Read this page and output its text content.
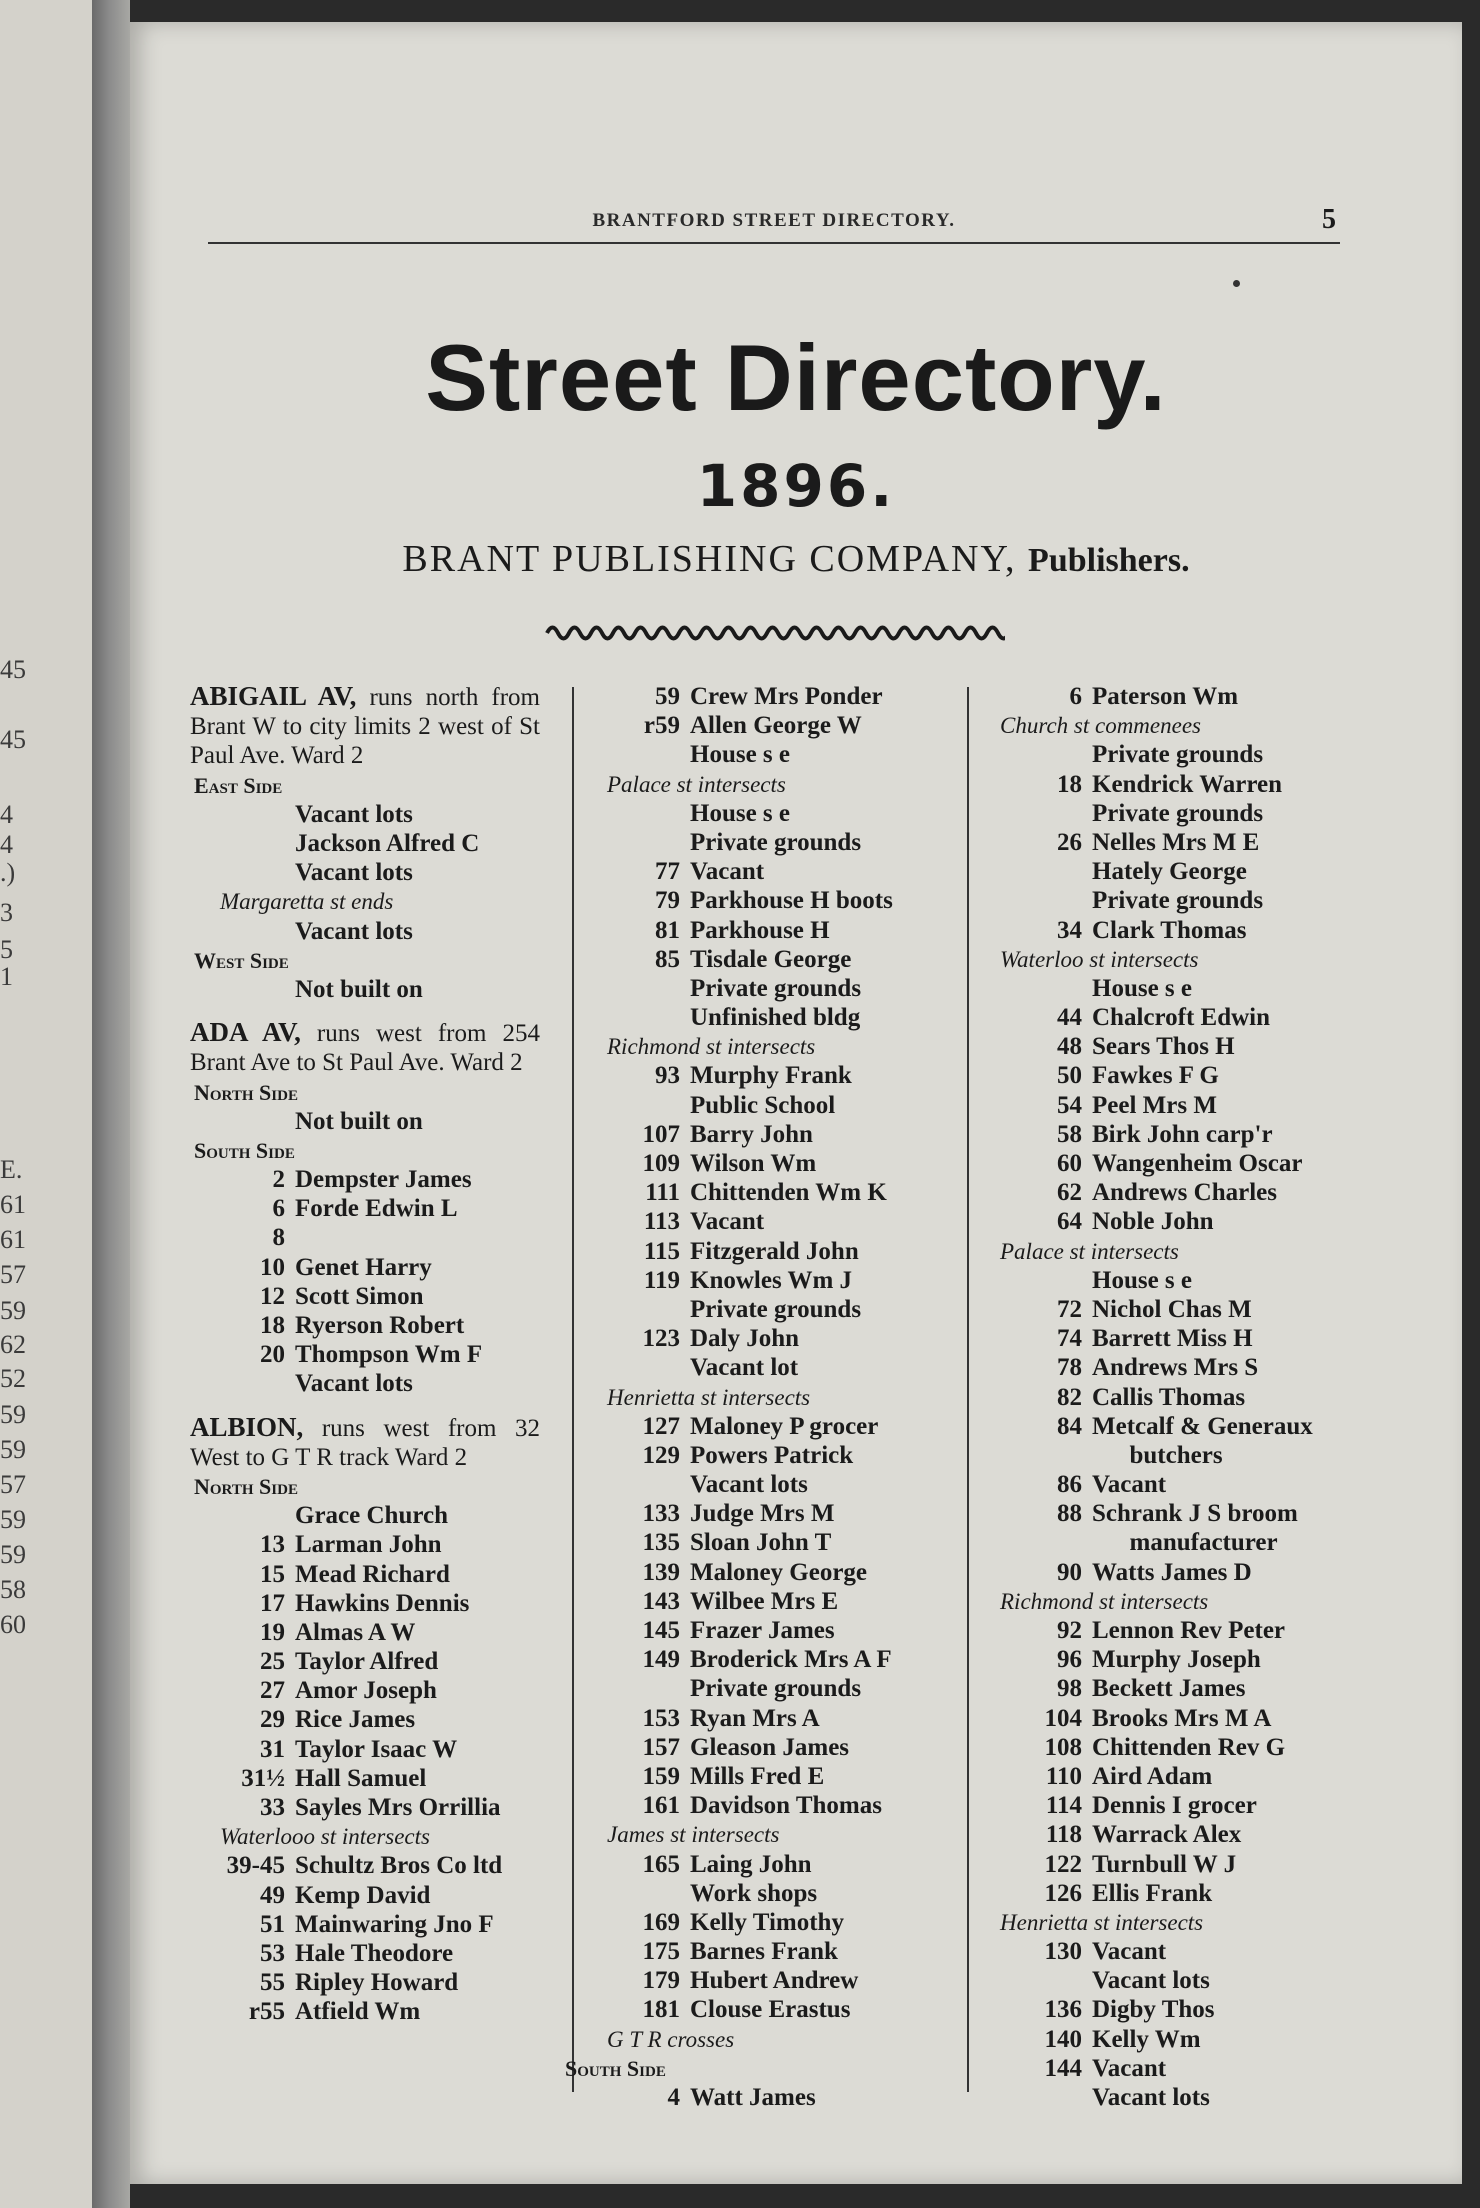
45
45
4
4
.)
3
5
1
E.
61
61
57
59
62
52
59
59
57
59
59
58
60
BRANTFORD STREET DIRECTORY.	5
Street Directory.
1896.
BRANT PUBLISHING COMPANY, Publishers.
ABIGAIL AV, runs north from Brant W to city limits 2 west of St Paul Ave. Ward 2
East Side
Vacant lots
Jackson Alfred C
Vacant lots
Margaretta st ends
Vacant lots
West Side
Not built on
ADA AV, runs west from 254 Brant Ave to St Paul Ave. Ward 2
North Side
Not built on
South Side
2 Dempster James
6 Forde Edwin L
8
10 Genet Harry
12 Scott Simon
18 Ryerson Robert
20 Thompson Wm F
Vacant lots
ALBION, runs west from 32 West to G T R track Ward 2
North Side
Grace Church
13 Larman John
15 Mead Richard
17 Hawkins Dennis
19 Almas A W
25 Taylor Alfred
27 Amor Joseph
29 Rice James
31 Taylor Isaac W
31½ Hall Samuel
33 Sayles Mrs Orrillia
Waterlooo st intersects
39-45 Schultz Bros Co ltd
49 Kemp David
51 Mainwaring Jno F
53 Hale Theodore
55 Ripley Howard
r55 Atfield Wm
59 Crew Mrs Ponder
r59 Allen George W
House s e
Palace st intersects
House s e
Private grounds
77 Vacant
79 Parkhouse H boots
81 Parkhouse H
85 Tisdale George
Private grounds
Unfinished bldg
Richmond st intersects
93 Murphy Frank
Public School
107 Barry John
109 Wilson Wm
111 Chittenden Wm K
113 Vacant
115 Fitzgerald John
119 Knowles Wm J
Private grounds
123 Daly John
Vacant lot
Henrietta st intersects
127 Maloney P grocer
129 Powers Patrick
Vacant lots
133 Judge Mrs M
135 Sloan John T
139 Maloney George
143 Wilbee Mrs E
145 Frazer James
149 Broderick Mrs A F
Private grounds
153 Ryan Mrs A
157 Gleason James
159 Mills Fred E
161 Davidson Thomas
James st intersects
165 Laing John
Work shops
169 Kelly Timothy
175 Barnes Frank
179 Hubert Andrew
181 Clouse Erastus
G T R crosses
South Side
4 Watt James
6 Paterson Wm
Church st commenees
Private grounds
18 Kendrick Warren
Private grounds
26 Nelles Mrs M E
Hately George
Private grounds
34 Clark Thomas
Waterloo st intersects
House s e
44 Chalcroft Edwin
48 Sears Thos H
50 Fawkes F G
54 Peel Mrs M
58 Birk John carp'r
60 Wangenheim Oscar
62 Andrews Charles
64 Noble John
Palace st intersects
House s e
72 Nichol Chas M
74 Barrett Miss H
78 Andrews Mrs S
82 Callis Thomas
84 Metcalf & Generaux
butchers
86 Vacant
88 Schrank J S broom
manufacturer
90 Watts James D
Richmond st intersects
92 Lennon Rev Peter
96 Murphy Joseph
98 Beckett James
104 Brooks Mrs M A
108 Chittenden Rev G
110 Aird Adam
114 Dennis I grocer
118 Warrack Alex
122 Turnbull W J
126 Ellis Frank
Henrietta st intersects
130 Vacant
Vacant lots
136 Digby Thos
140 Kelly Wm
144 Vacant
Vacant lots
